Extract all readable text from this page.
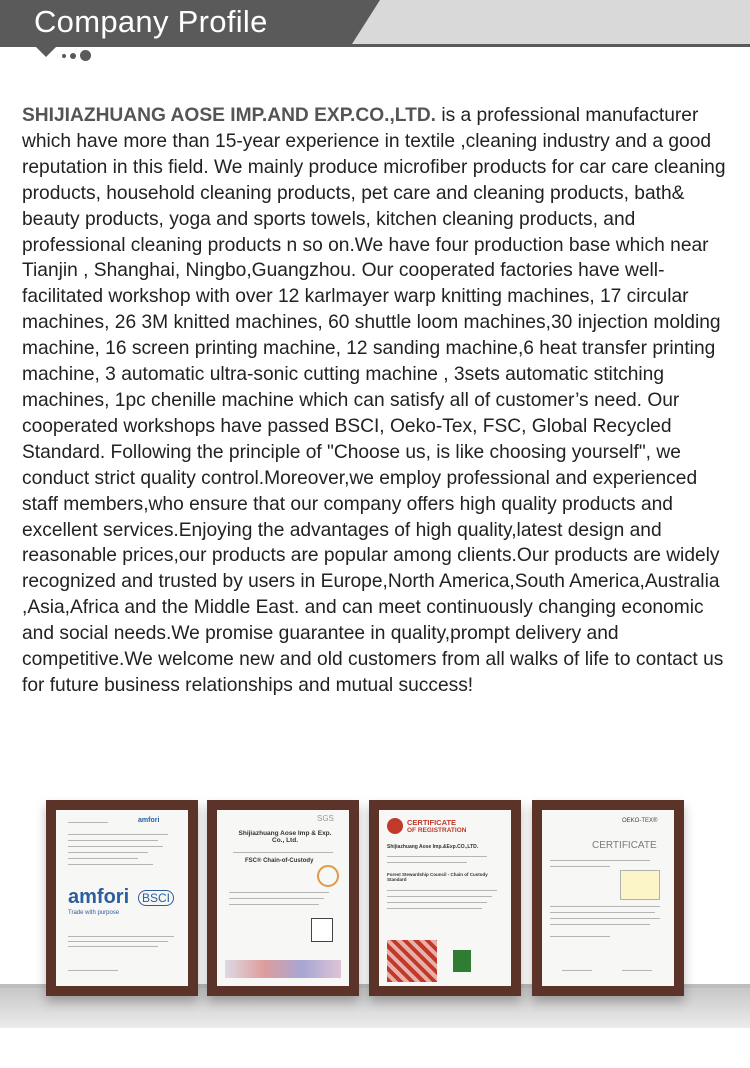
Company Profile

SHIJIAZHUANG AOSE IMP.AND EXP.CO.,LTD. is a professional manufacturer which have more than 15-year experience in textile ,cleaning industry and a good reputation in this field. We mainly produce microfiber products for car care cleaning products, household cleaning products, pet care and cleaning products, bath& beauty products, yoga and sports towels, kitchen cleaning products, and professional cleaning products n so on.We have four production base which near Tianjin , Shanghai, Ningbo,Guangzhou. Our cooperated factories have well-facilitated workshop with over 12 karlmayer warp knitting machines, 17 circular machines, 26 3M knitted machines, 60 shuttle loom machines,30 injection molding machine, 16 screen printing machine, 12 sanding machine,6 heat transfer printing machine, 3 automatic ultra-sonic cutting machine , 3sets automatic stitching machines, 1pc chenille machine which can satisfy all of customer’s need. Our cooperated workshops have passed BSCI, Oeko-Tex, FSC, Global Recycled Standard. Following the principle of "Choose us, is like choosing yourself", we conduct strict quality control.Moreover,we employ professional and experienced staff members,who ensure that our company offers high quality products and excellent services.Enjoying the advantages of high quality,latest design and reasonable prices,our products are popular among clients.Our products are widely recognized and trusted by users in Europe,North America,South America,Australia ,Asia,Africa and the Middle East. and can meet continuously changing economic and social needs.We promise guarantee in quality,prompt delivery and competitive.We welcome new and old customers from all walks of life to contact us for future business relationships and mutual success!

amfori
amfori	BSCI
Trade with purpose
SGS
Shijiazhuang Aose Imp & Exp. Co., Ltd.
FSC® Chain-of-Custody
CERTIFICATE
OF REGISTRATION
Shijiazhuang Aose Imp.&Exp.CO.,LTD.
Forest Stewardship Council - Chain of Custody Standard
OEKO-TEX®
CERTIFICATE
